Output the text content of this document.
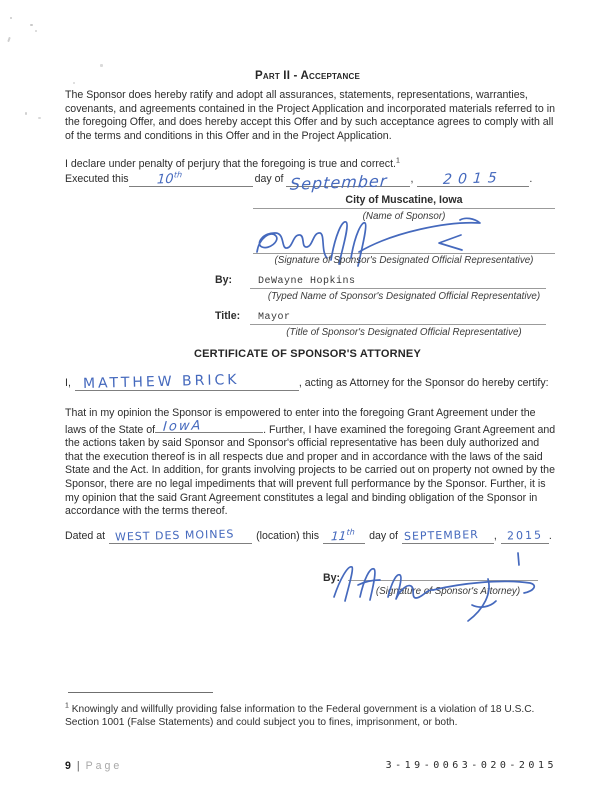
Part II - Acceptance
The Sponsor does hereby ratify and adopt all assurances, statements, representations, warranties, covenants, and agreements contained in the Project Application and incorporated materials referred to in the foregoing Offer, and does hereby accept this Offer and by such acceptance agrees to comply with all of the terms and conditions in this Offer and in the Project Application.
I declare under penalty of perjury that the foregoing is true and correct.$^1$
Executed this 10th	day of September , 2015 .
City of Muscatine, Iowa
(Name of Sponsor)
(Signature of Sponsor's Designated Official Representative)
By:	DeWayne Hopkins
(Typed Name of Sponsor's Designated Official Representative)
Title:	Mayor
(Title of Sponsor's Designated Official Representative)
CERTIFICATE OF SPONSOR'S ATTORNEY
I, MATTHEW BRICK	, acting as Attorney for the Sponsor do hereby certify:
That in my opinion the Sponsor is empowered to enter into the foregoing Grant Agreement under the laws of the State of IowA	. Further, I have examined the foregoing Grant Agreement and the actions taken by said Sponsor and Sponsor's official representative has been duly authorized and that the execution thereof is in all respects due and proper and in accordance with the laws of the said State and the Act. In addition, for grants involving projects to be carried out on property not owned by the Sponsor, there are no legal impediments that will prevent full performance by the Sponsor. Further, it is my opinion that the said Grant Agreement constitutes a legal and binding obligation of the Sponsor in accordance with the terms thereof.
Dated at WEST DES MOINES (location) this 11th day of SEPTEMBER , 2015 .
By:
(Signature of Sponsor's Attorney)
$^1$ Knowingly and willfully providing false information to the Federal government is a violation of 18 U.S.C. Section 1001 (False Statements) and could subject you to fines, imprisonment, or both.
9 | Page	3-19-0063-020-2015
